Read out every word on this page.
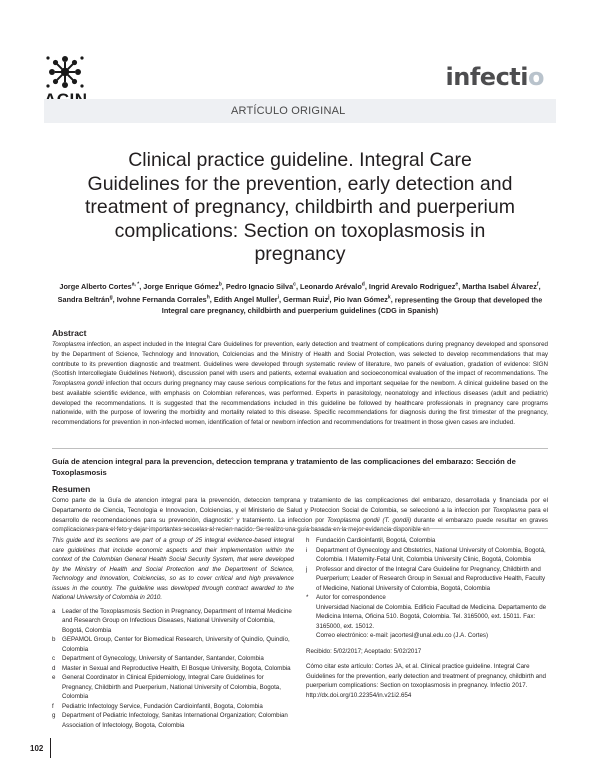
infectio
ARTÍCULO ORIGINAL
Clinical practice guideline. Integral Care Guidelines for the prevention, early detection and treatment of pregnancy, childbirth and puerperium complications: Section on toxoplasmosis in pregnancy
Jorge Alberto Cortes$^{a, *}$, Jorge Enrique Gómez$^b$, Pedro Ignacio Silva$^c$, Leonardo Arévalo$^d$, Ingrid Arevalo Rodriguez$^e$, Martha Isabel Álvarez$^f$, Sandra Beltrán$^g$, Ivohne Fernanda Corrales$^h$, Edith Angel Muller$^i$, German Ruiz$^j$, Pio Ivan Gómez$^k$, representing the Group that developed the Integral care pregnancy, childbirth and puerperium guidelines (CDG in Spanish)
Abstract
Toxoplasma infection, an aspect included in the Integral Care Guidelines for prevention, early detection and treatment of complications during pregnancy developed and sponsored by the Department of Science, Technology and Innovation, Colciencias and the Ministry of Health and Social Protection, was selected to develop recommendations that may contribute to its prevention diagnostic and treatment. Guidelines were developed through systematic review of literature, two panels of evaluation, gradation of evidence: SIGN (Scottish Intercollegiate Guidelines Network), discussion panel with users and patients, external evaluation and socioeconomical evaluation of the impact of recommendations. The Toxoplasma gondii infection that occurs during pregnancy may cause serious complications for the fetus and important sequelae for the newborn. A clinical guideline based on the best available scientific evidence, with emphasis on Colombian references, was performed. Experts in parasitology, neonatology and infectious diseases (adult and pediatric) developed the recommendations. It is suggested that the recommendations included in this guideline be followed by healthcare professionals in pregnancy care programs nationwide, with the purpose of lowering the morbidity and mortality related to this disease. Specific recommendations for diagnosis during the first trimester of the pregnancy, recommendations for prevention in non-infected women, identification of fetal or newborn infection and recommendations for treatment in those given cases are included.
Guía de atencion integral para la prevencion, deteccion temprana y tratamiento de las complicaciones del embarazo: Sección de Toxoplasmosis
Resumen
Como parte de la Guía de atencion integral para la prevención, deteccion temprana y tratamiento de las complicaciones del embarazo, desarrollada y financiada por el Departamento de Ciencia, Tecnologia e Innovacion, Colciencias, y el Ministerio de Salud y Proteccion Social de Colombia, se seleccionó a la infeccion por Toxoplasma para el desarrollo de recomendaciones para su prevención, diagnostic° y tratamiento. La infeccion por Toxoplasma gondii (T. gondii) durante el embarazo puede resultar en graves complicaciones para el feto y dejar importantes secuelas al recien nacido. Se realizo una guía basada en la mejor evidencia disponible en
This guide and its sections are part of a group of 25 integral evidence-based integral care guidelines that include economic aspects and their implementation within the context of the Colombian General Health Social Security System, that were developed by the Ministry of Health and Social Protection and the Department of Science, Technology and Innovation, Colciencias, so as to cover critical and high prevalence issues in the country. The guideline was developed through contract awarded to the National University of Colombia in 2010.
a	Leader of the Toxoplasmosis Section in Pregnancy, Department of Internal Medicine and Research Group on Infectious Diseases, National University of Colombia, Bogotá, Colombia
b	GEPAMOL Group, Center for Biomedical Research, University of Quindío, Quindío, Colombia
c	Department of Gynecology, University of Santander, Santander, Colombia
d	Master in Sexual and Reproductive Health, El Bosque University, Bogota, Colombia
e	General Coordinator in Clinical Epidemiology, Integral Care Guidelines for Pregnancy, Childbirth and Puerperium, National University of Colombia, Bogota, Colombia
f	Pediatric Infectology Service, Fundación Cardioinfantil, Bogota, Colombia
g	Department of Pediatric Infectology, Sanitas International Organization; Colombian Association of Infectology, Bogota, Colombia
h	Fundación Cardioinfantil, Bogotá, Colombia
i	Department of Gynecology and Obstetrics, National University of Colombia, Bogotá, Colombia. I Maternity-Fetal Unit, Colombia University Clinic, Bogotá, Colombia
j	Professor and director of the Integral Care Guideline for Pregnancy, Childbirth and Puerperium; Leader of Research Group in Sexual and Reproductive Health, Faculty of Medicine, National University of Colombia, Bogotá, Colombia
*	Autor for correspondence
Universidad Nacional de Colombia. Edificio Facultad de Medicina. Departamento de Medicina Interna, Oficina 510. Bogotá, Colombia. Tel. 3165000, ext. 15011. Fax: 3165000, ext. 15012.
Correo electrónico: e-mail: jacortesl@unal.edu.co (J.A. Cortes)
Recibido: 5/02/2017; Aceptado: 5/02/2017
Cómo citar este artículo: Cortes JA, et al. Clinical practice guideline. Integral Care Guidelines for the prevention, early detection and treatment of pregnancy, childbirth and puerperium complications: Section on toxoplasmosis in pregnancy. Infectio 2017.
http://dx.doi.org/10.22354/in.v21i2.654
102
